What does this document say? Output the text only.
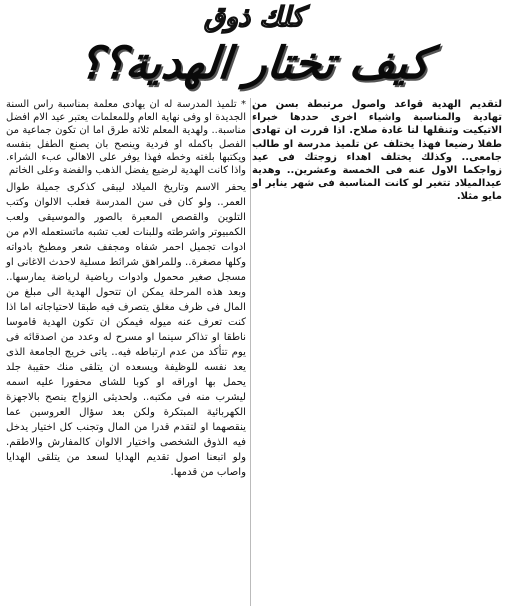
كلك ذوق
كيف تختار الهدية؟؟

لتقديم الهدية قواعد واصول مرتبطة بسن من تهادية والمناسبة واشياء اخرى حددها خبراء الاتيكيت وتنقلها لنا غادة صلاح. اذا قررت ان تهادى طفلا رضيعا فهذا يختلف عن تلميذ مدرسة او طالب جامعى.. وكذلك يختلف اهداء زوجتك فى عيد زواجكما الاول عنه فى الخمسة وعشرين.. وهدية عيدالميلاد تتغير لو كانت المناسبة فى شهر يناير او مايو مثلا.

* تلميذ المدرسة له ان يهادى معلمة بمناسبة راس السنة الجديدة او وفى نهاية العام وللمعلمات يعتبر عيد الام افضل مناسبة.. ولهدية المعلم ثلاثة طرق اما ان تكون جماعية من الفصل باكمله او فردية وينصح بان يصنع الطفل بنفسه ويكتبها بلغته وخطه فهذا يوفر على الاهالى عبء الشراء. واذا كانت الهدية لرضيع يفضل الذهب والفضة وعلى الخاتم

يحفر الاسم وتاريخ الميلاد ليبقى كذكرى جميلة طوال العمر.. ولو كان فى سن المدرسة فعلب الالوان وكتب التلوين والقصص المعبرة بالصور والموسيقى ولعب الكمبيوتر واشرطته وللبنات لعب تشبه ماتستعمله الام من ادوات تجميل احمر شفاه ومجفف شعر ومطبخ بادواته وكلها مصغرة.. وللمراهق شرائط مسلية لاحدث الاغانى او مسجل صغير محمول وادوات رياضية لرياضة يمارسها.. وبعد هذه المرحلة يمكن ان تتحول الهدية الى مبلغ من المال فى ظرف مغلق يتصرف فيه طبقا لاحتياجاته اما اذا كنت تعرف عنه ميوله فيمكن ان تكون الهدية قاموسا ناطقا او تذاكر سينما او مسرح له وعدد من اصدقائه فى يوم تتأكد من عدم ارتباطه فيه.. ياتى خريج الجامعة الذى يعد نفسه للوظيفة ويسعده ان يتلقى منك حقيبة جلد يحمل بها اوراقه او كوبا للشاى محفورا عليه اسمه ليشرب منه فى مكتبه.. ولحديثى الزواج ينصح بالاجهزة الكهربائية المبتكرة ولكن بعد سؤال العروسين عما ينقصهما او لتقدم قدرا من المال وتجنب كل اختيار يدخل فيه الذوق الشخصى واختيار الالوان كالمفارش والاطقم. ولو اتبعنا اصول تقديم الهدايا لسعد من يتلقى الهدايا واصاب من قدمها.
